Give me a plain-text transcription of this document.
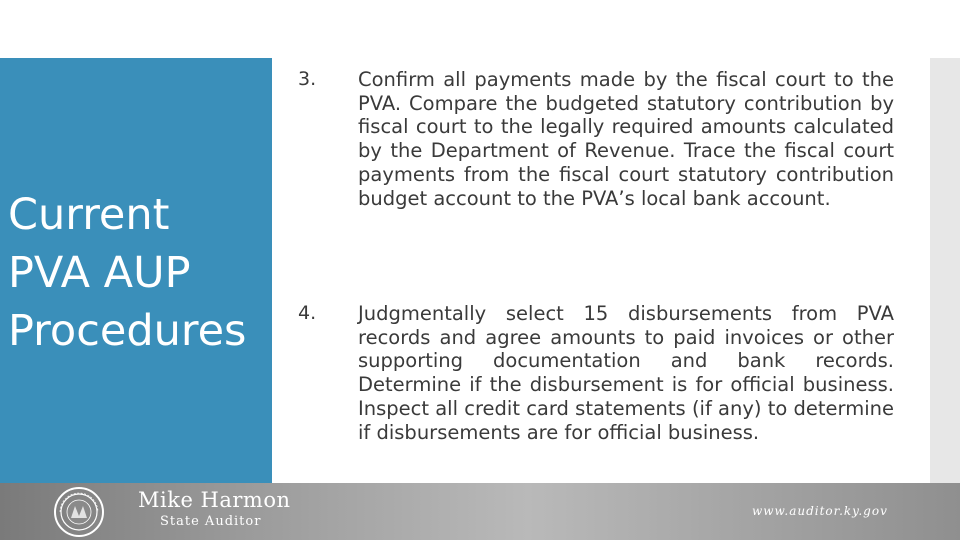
Current
PVA AUP
Procedures
3. Confirm all payments made by the fiscal court to the PVA. Compare the budgeted statutory contribution by fiscal court to the legally required amounts calculated by the Department of Revenue. Trace the fiscal court payments from the fiscal court statutory contribution budget account to the PVA’s local bank account.

4. Judgmentally select 15 disbursements from PVA records and agree amounts to paid invoices or other supporting documentation and bank records. Determine if the disbursement is for official business. Inspect all credit card statements (if any) to determine if disbursements are for official business.

Mike Harmon
State Auditor
www.auditor.ky.gov
